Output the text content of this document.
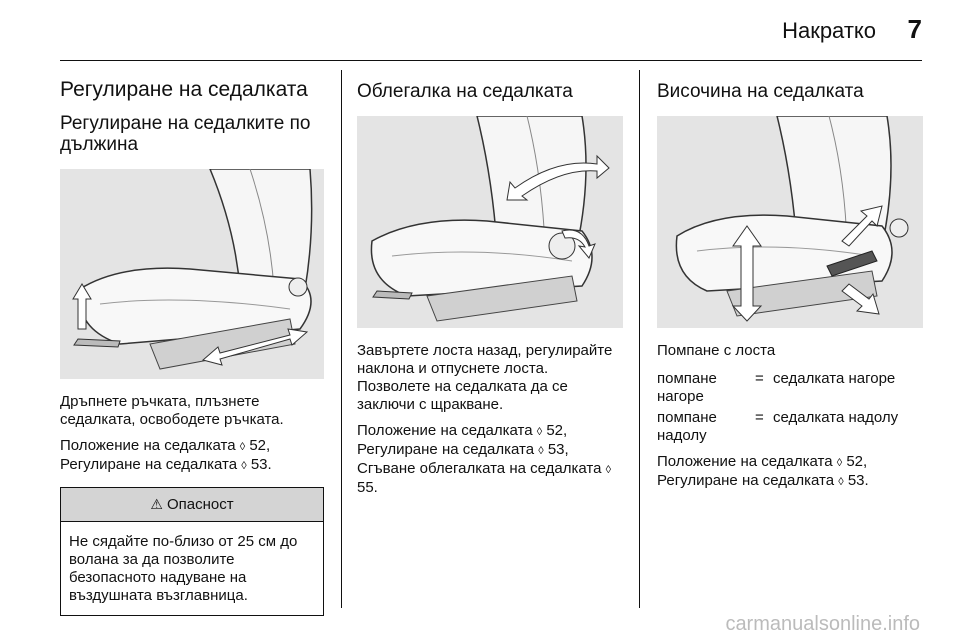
Накратко 7
Регулиране на седалката
Регулиране на седалките по дължина
Дръпнете ръчката, плъзнете седалката, освободете ръчката.
Положение на седалката ◊ 52,
Регулиране на седалката ◊ 53.
⚠ Опасност
Не сядайте по-близо от 25 см до волана за да позволите безопасното надуване на въздушната възглавница.
Облегалка на седалката
Завъртете лоста назад, регулирайте наклона и отпуснете лоста. Позволете на седалката да се заключи с щракване.
Положение на седалката ◊ 52,
Регулиране на седалката ◊ 53,
Сгъване облегалката на седалката ◊ 55.
Височина на седалката
Помпане с лоста
помпане нагоре
= седалката нагоре
помпане надолу
= седалката надолу
Положение на седалката ◊ 52,
Регулиране на седалката ◊ 53.
carmanualsonline.info
